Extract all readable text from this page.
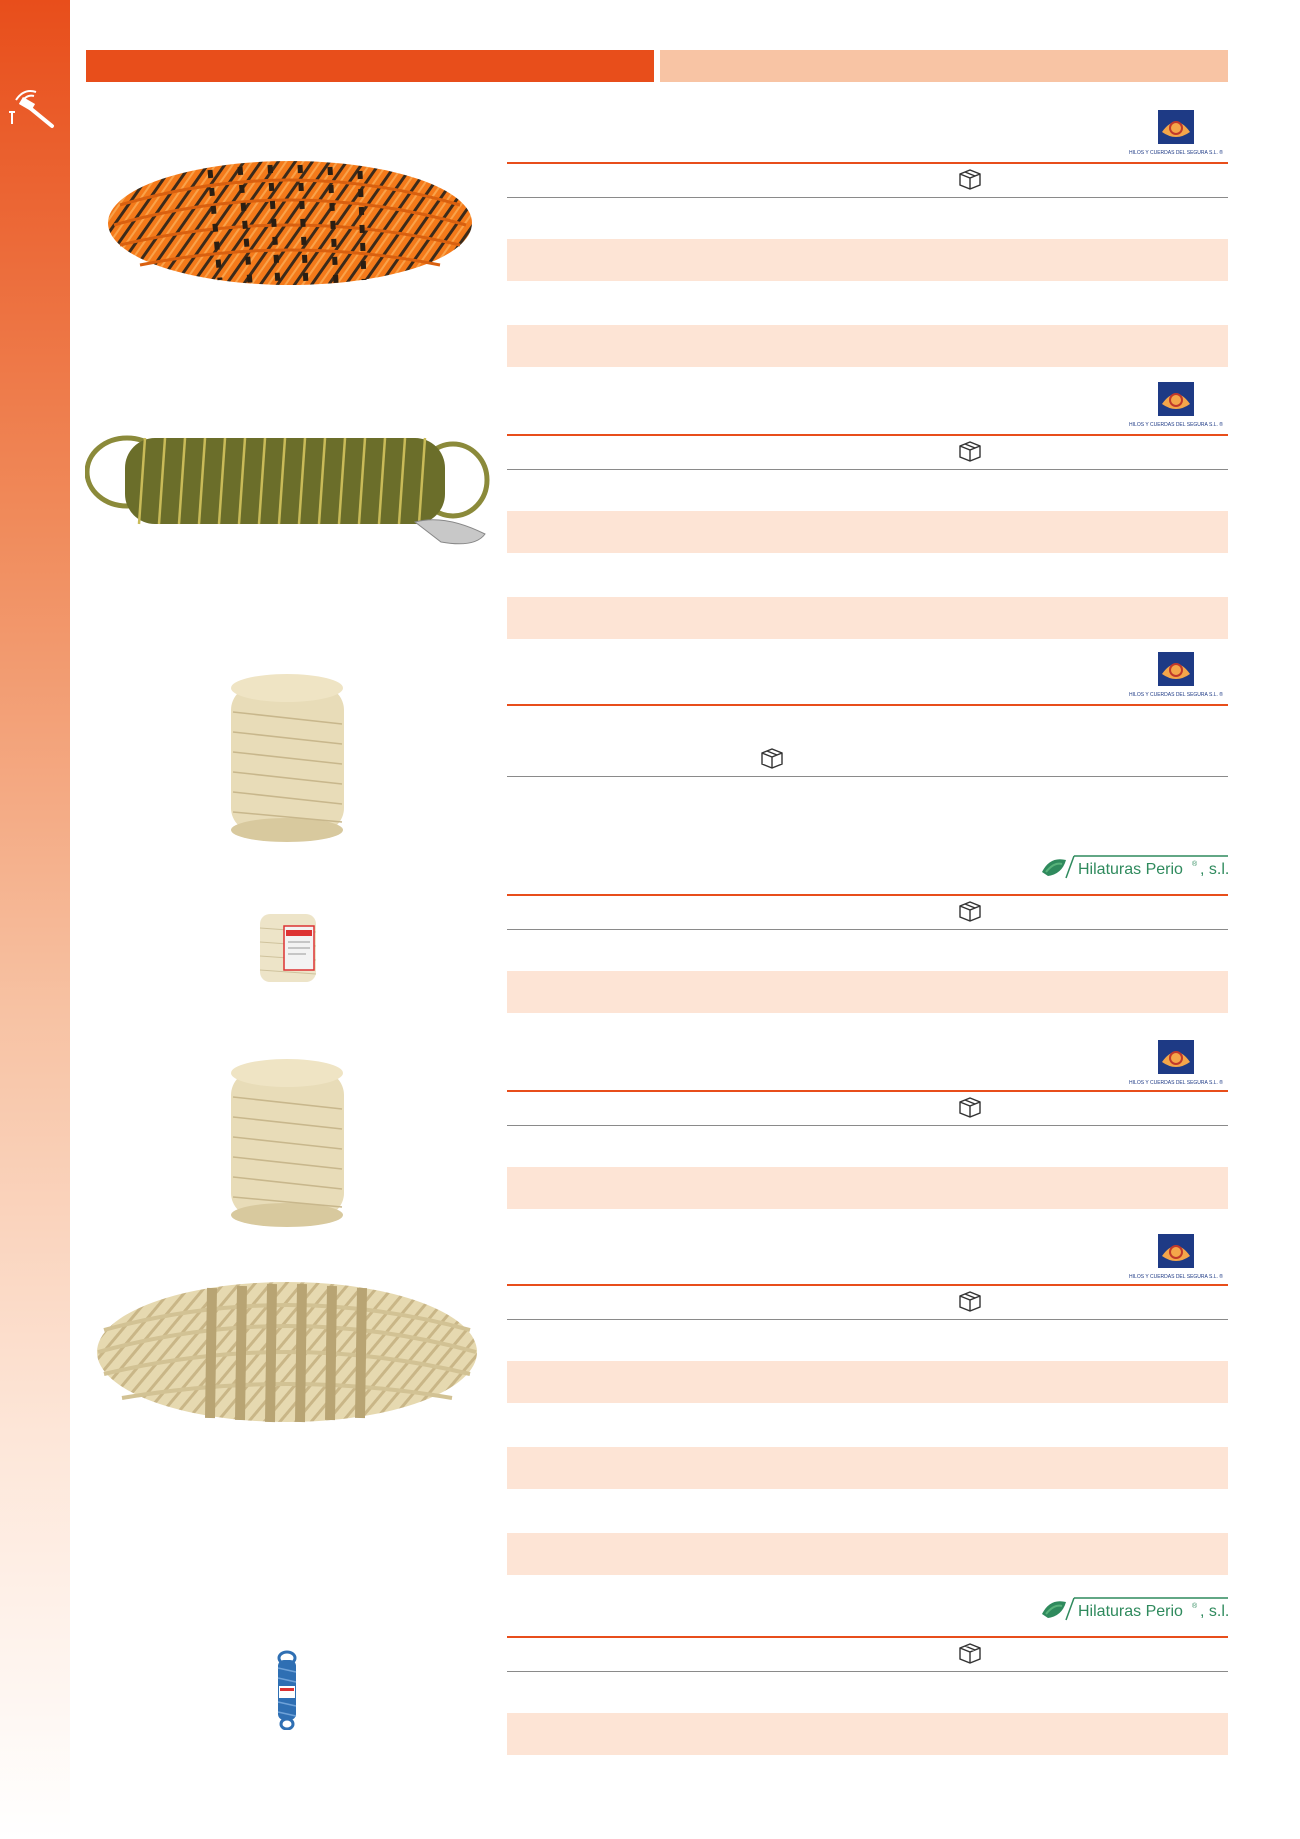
HILOS Y CUERDAS DEL SEGURA S.L. ®
HILOS Y CUERDAS DEL SEGURA S.L. ®
HILOS Y CUERDAS DEL SEGURA S.L. ®
Hilaturas Perio ® , s.l.
HILOS Y CUERDAS DEL SEGURA S.L. ®
HILOS Y CUERDAS DEL SEGURA S.L. ®
Hilaturas Perio ® , s.l.
